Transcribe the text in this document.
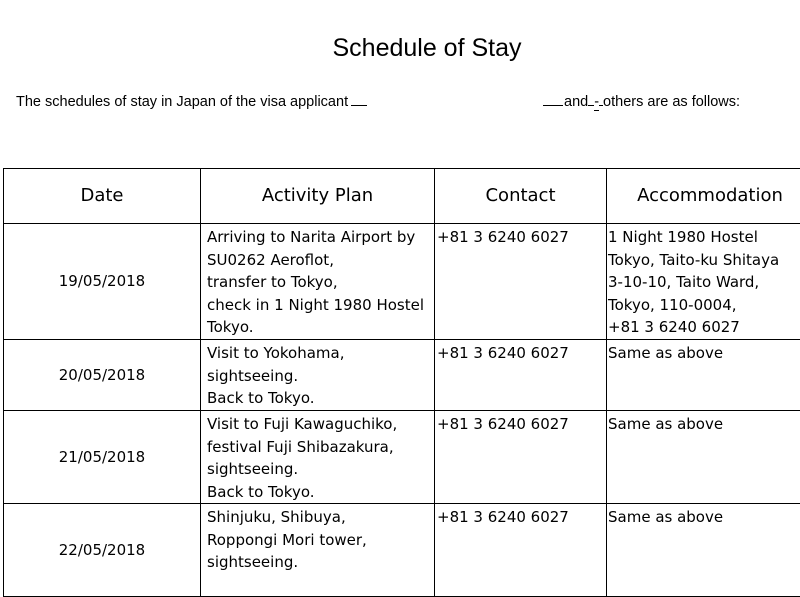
Schedule of Stay
The schedules of stay in Japan of the visa applicant	and - others are as follows:
Date	Activity Plan	Contact	Accommodation
19/05/2018	Arriving to Narita Airport by
SU0262 Aeroflot,
transfer to Tokyo,
check in 1 Night 1980 Hostel
Tokyo.	+81 3 6240 6027	1 Night 1980 Hostel
Tokyo, Taito-ku Shitaya
3-10-10, Taito Ward,
Tokyo, 110-0004,
+81 3 6240 6027

20/05/2018	Visit to Yokohama,
sightseeing.
Back to Tokyo.	+81 3 6240 6027	Same as above

21/05/2018	Visit to Fuji Kawaguchiko,
festival Fuji Shibazakura,
sightseeing.
Back to Tokyo.	+81 3 6240 6027	Same as above

22/05/2018	Shinjuku, Shibuya,
Roppongi Mori tower,
sightseeing.	+81 3 6240 6027	Same as above
